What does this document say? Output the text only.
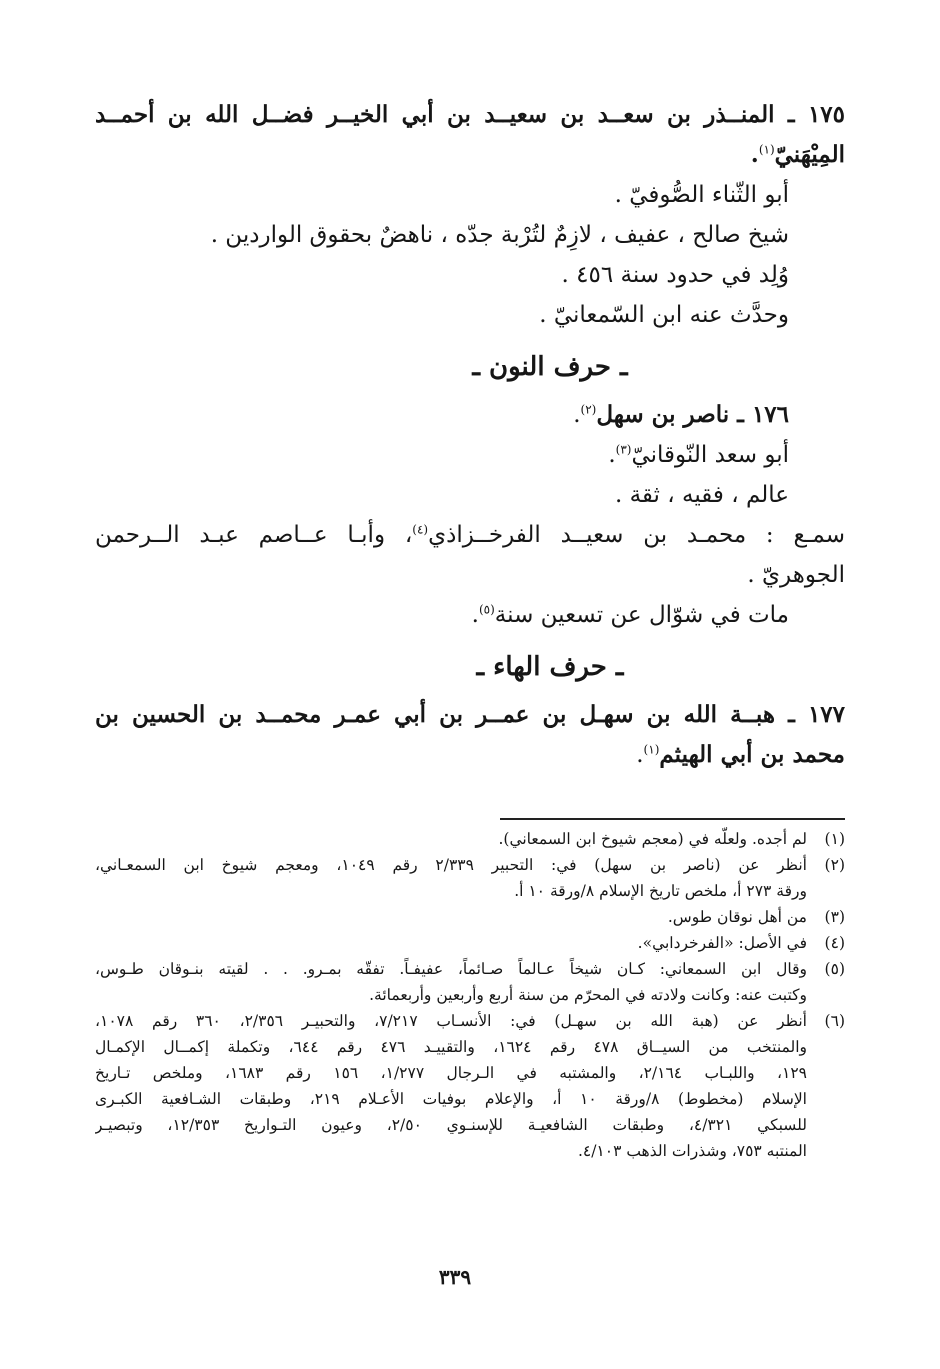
١٧٥ ـ المنــذر بن سعــد بن سعيــد بن أبي الخيــر فضــل الله بن أحمــد
المِيْهَنيّ$^{(١)}$.
أبو الثّناء الصُّوفيّ .
شيخ صالح ، عفيف ، لازِمٌ لتُرْبة جدّه ، ناهضٌ بحقوق الواردين .
وُلِد في حدود سنة ٤٥٦ .
وحدَّث عنه ابن السّمعانيّ .
ـ حرف النون ـ
١٧٦ ـ ناصر بن سهل$^{(٢)}$.
أبو سعد النّوقانيّ$^{(٣)}$.
عالم ، فقيه ، ثقة .
سمـع : محمـد بن سعيــد الفرخــزاذي$^{(٤)}$، وأبـا عــاصم عبـد الــرحمن
الجوهريّ .
مات في شوّال عن تسعين سنة$^{(٥)}$.
ـ حرف الهاء ـ
١٧٧ ـ هبــة الله بن سهـل بن عمــر بن أبي عمـر محمــد بن الحسين بن
محمد بن أبي الهيثم$^{(١)}$.
(١)
لم أجده. ولعلّه في (معجم شيوخ ابن السمعاني).
(٢)
أنظر عن (ناصر بن سهل) في: التحبير ٢/٣٣٩ رقم ١٠٤٩، ومعجم شيوخ ابن السمعـاني،
ورقة ٢٧٣ أ، ملخص تاريخ الإسلام ٨/ورقة ١٠ أ.
(٣)
من أهل نوقان طوس.
(٤)
في الأصل: «الفرخردابي».
(٥)
وقال ابن السمعاني: كـان شيخاً عـالماً صـائماً، عفيفـاً. تفقّه بمـرو. . . لقيته بنـوقان طـوس،
وكتبت عنه: وكانت ولادته في المحرّم من سنة أربع وأربعين وأربعمائة.
(٦)
أنظر عن (هبة الله بن سهـل) في: الأنسـاب ٧/٢١٧، والتحبيـر ٢/٣٥٦، ٣٦٠ رقم ١٠٧٨،
والمنتخب من السيــاق ٤٧٨ رقم ١٦٢٤، والتقييـد ٤٧٦ رقم ٦٤٤، وتكملة إكمــال الإكمـال
١٢٩، واللبـاب ٢/١٦٤، والمشتبه في الـرجال ١/٢٧٧، ١٥٦ رقم ١٦٨٣، وملخص تـاريخ
الإسلام (مخطوط) ٨/ورقة ١٠ أ، والإعلام بوفيات الأعـلام ٢١٩، وطبقات الشـافعية الكبـرى
للسبكي ٤/٣٢١، وطبقات الشافعيـة للإسنـوي ٢/٥٠، وعيون التـواريخ ١٢/٣٥٣، وتبصيـر
المنتبه ٧٥٣، وشذرات الذهب ٤/١٠٣.
٣٣٩
